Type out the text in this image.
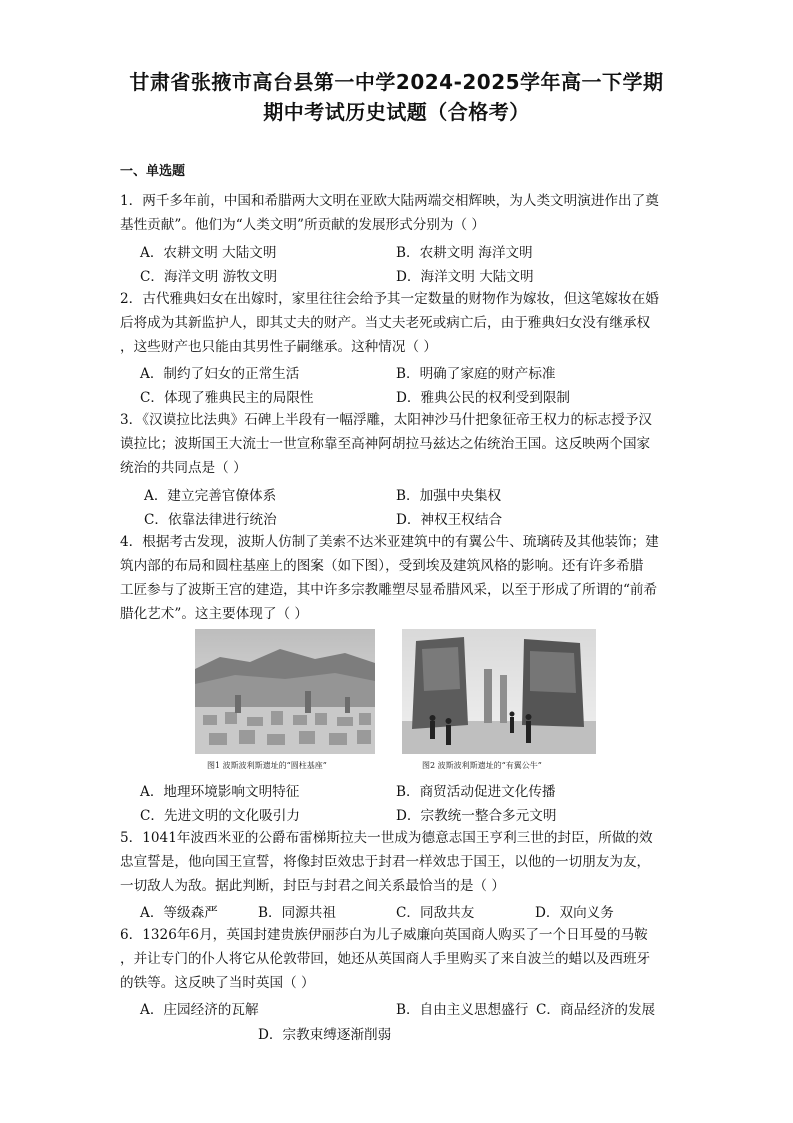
甘肃省张掖市高台县第一中学2024-2025学年高一下学期
期中考试历史试题（合格考）
一、单选题
1．两千多年前，中国和希腊两大文明在亚欧大陆两端交相辉映，为人类文明演进作出了奠
基性贡献”。他们为“人类文明”所贡献的发展形式分别为（ ）
A．农耕文明 大陆文明	B．农耕文明 海洋文明
C．海洋文明 游牧文明	D．海洋文明 大陆文明
2．古代雅典妇女在出嫁时，家里往往会给予其一定数量的财物作为嫁妆，但这笔嫁妆在婚
后将成为其新监护人，即其丈夫的财产。当丈夫老死或病亡后，由于雅典妇女没有继承权
，这些财产也只能由其男性子嗣继承。这种情况（ ）
A．制约了妇女的正常生活	B．明确了家庭的财产标准
C．体现了雅典民主的局限性	D．雅典公民的权利受到限制
3．《汉谟拉比法典》石碑上半段有一幅浮雕，太阳神沙马什把象征帝王权力的标志授予汉
谟拉比；波斯国王大流士一世宣称靠至高神阿胡拉马兹达之佑统治王国。这反映两个国家
统治的共同点是（ ）
A．建立完善官僚体系	B．加强中央集权
C．依靠法律进行统治	D．神权王权结合
4．根据考古发现，波斯人仿制了美索不达米亚建筑中的有翼公牛、琉璃砖及其他装饰；建
筑内部的布局和圆柱基座上的图案（如下图），受到埃及建筑风格的影响。还有许多希腊
工匠参与了波斯王宫的建造，其中许多宗教雕塑尽显希腊风采，以至于形成了所谓的“前希
腊化艺术”。这主要体现了（ ）
图1 波斯波利斯遗址的“圆柱基座”	图2 波斯波利斯遗址的“有翼公牛”
A．地理环境影响文明特征	B．商贸活动促进文化传播
C．先进文明的文化吸引力	D．宗教统一整合多元文明
5．1041年波西米亚的公爵布雷梯斯拉夫一世成为德意志国王亨利三世的封臣，所做的效
忠宣誓是，他向国王宣誓，将像封臣效忠于封君一样效忠于国王，以他的一切朋友为友，
一切敌人为敌。据此判断，封臣与封君之间关系最恰当的是（ ）
A．等级森严	B．同源共祖	C．同敌共友	D．双向义务
6．1326年6月，英国封建贵族伊丽莎白为儿子威廉向英国商人购买了一个日耳曼的马鞍
，并让专门的仆人将它从伦敦带回，她还从英国商人手里购买了来自波兰的蜡以及西班牙
的铁等。这反映了当时英国（ ）
A．庄园经济的瓦解	B．自由主义思想盛行 C．商品经济的发展
D．宗教束缚逐渐削弱
